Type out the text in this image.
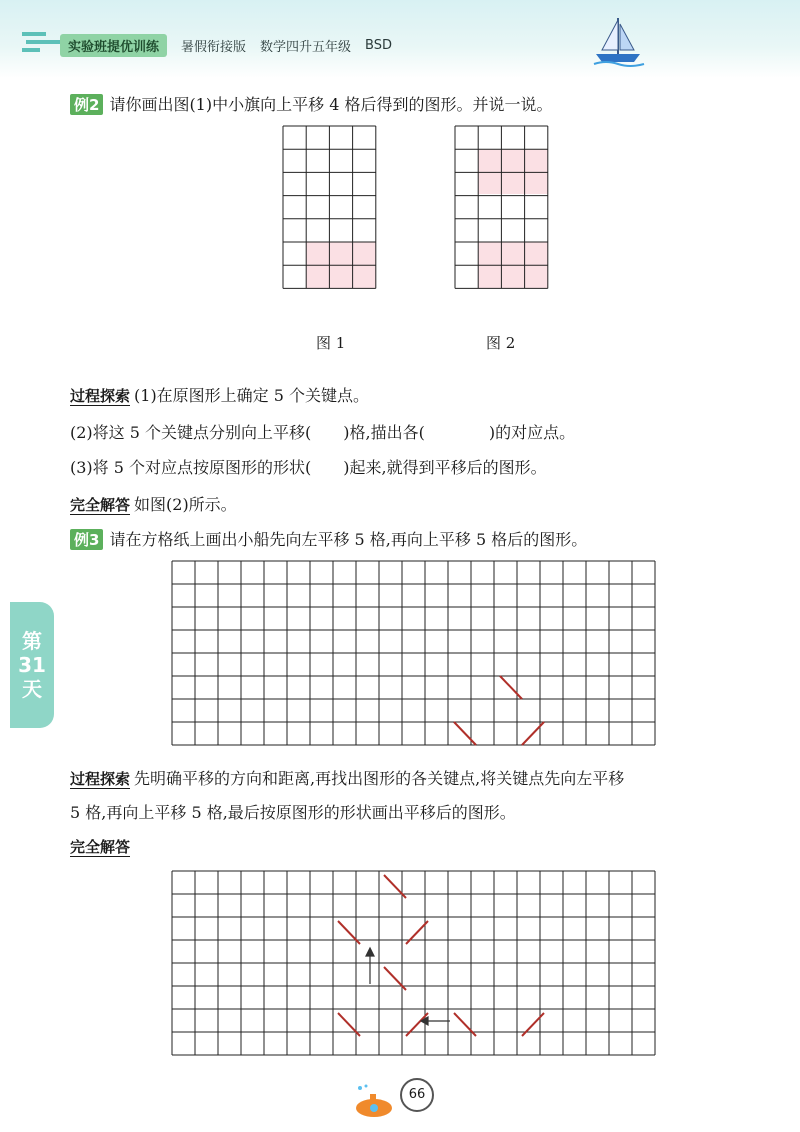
实验班提优训练	暑假衔接版 数学四升五年级 BSD
第
31
天
例2 请你画出图(1)中小旗向上平移 4 格后得到的图形。并说一说。
图 1	图 2
过程探索 (1)在原图形上确定 5 个关键点。
(2)将这 5 个关键点分别向上平移(　　)格,描出各(　　　　)的对应点。
(3)将 5 个对应点按原图形的形状(　　)起来,就得到平移后的图形。
完全解答 如图(2)所示。
例3 请在方格纸上画出小船先向左平移 5 格,再向上平移 5 格后的图形。
过程探索 先明确平移的方向和距离,再找出图形的各关键点,将关键点先向左平移
5 格,再向上平移 5 格,最后按原图形的形状画出平移后的图形。
完全解答
66
